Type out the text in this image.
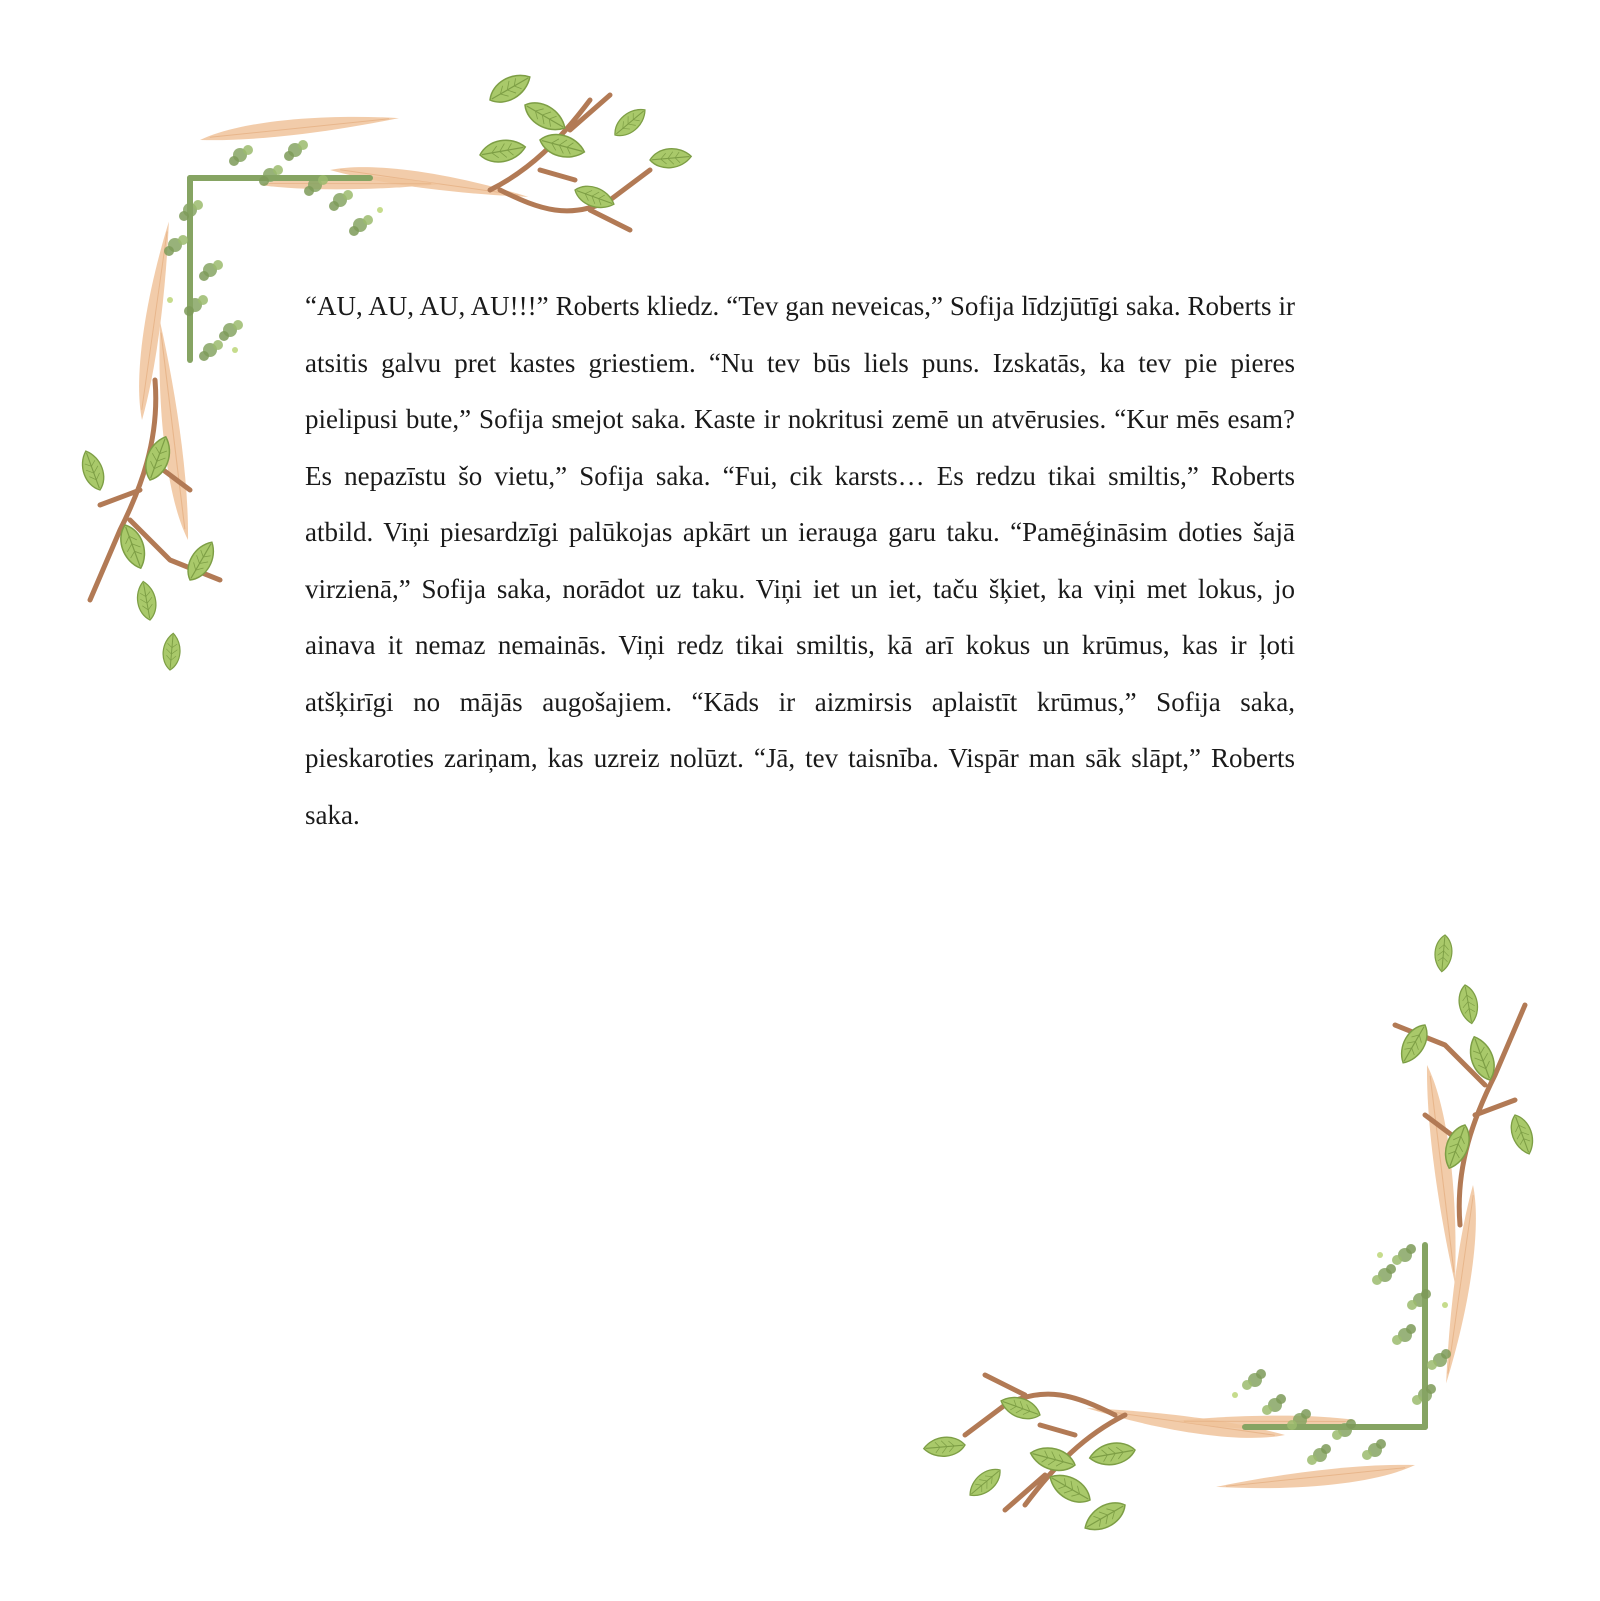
“AU, AU, AU, AU!!!” Roberts kliedz. “Tev gan neveicas,” Sofija līdzjūtīgi saka. Roberts ir atsitis galvu pret kastes griestiem. “Nu tev būs liels puns. Izskatās, ka tev pie pieres pielipusi bute,” Sofija smejot saka. Kaste ir nokritusi zemē un atvērusies. “Kur mēs esam? Es nepazīstu šo vietu,” Sofija saka. “Fui, cik karsts… Es redzu tikai smiltis,” Roberts atbild. Viņi piesardzīgi palūkojas apkārt un ierauga garu taku. “Pamēģināsim doties šajā virzienā,” Sofija saka, norādot uz taku. Viņi iet un iet, taču šķiet, ka viņi met lokus, jo ainava it nemaz nemainās. Viņi redz tikai smiltis, kā arī kokus un krūmus, kas ir ļoti atšķirīgi no mājās augošajiem. “Kāds ir aizmirsis aplaistīt krūmus,” Sofija saka, pieskaroties zariņam, kas uzreiz nolūzt. “Jā, tev taisnība. Vispār man sāk slāpt,” Roberts saka.
